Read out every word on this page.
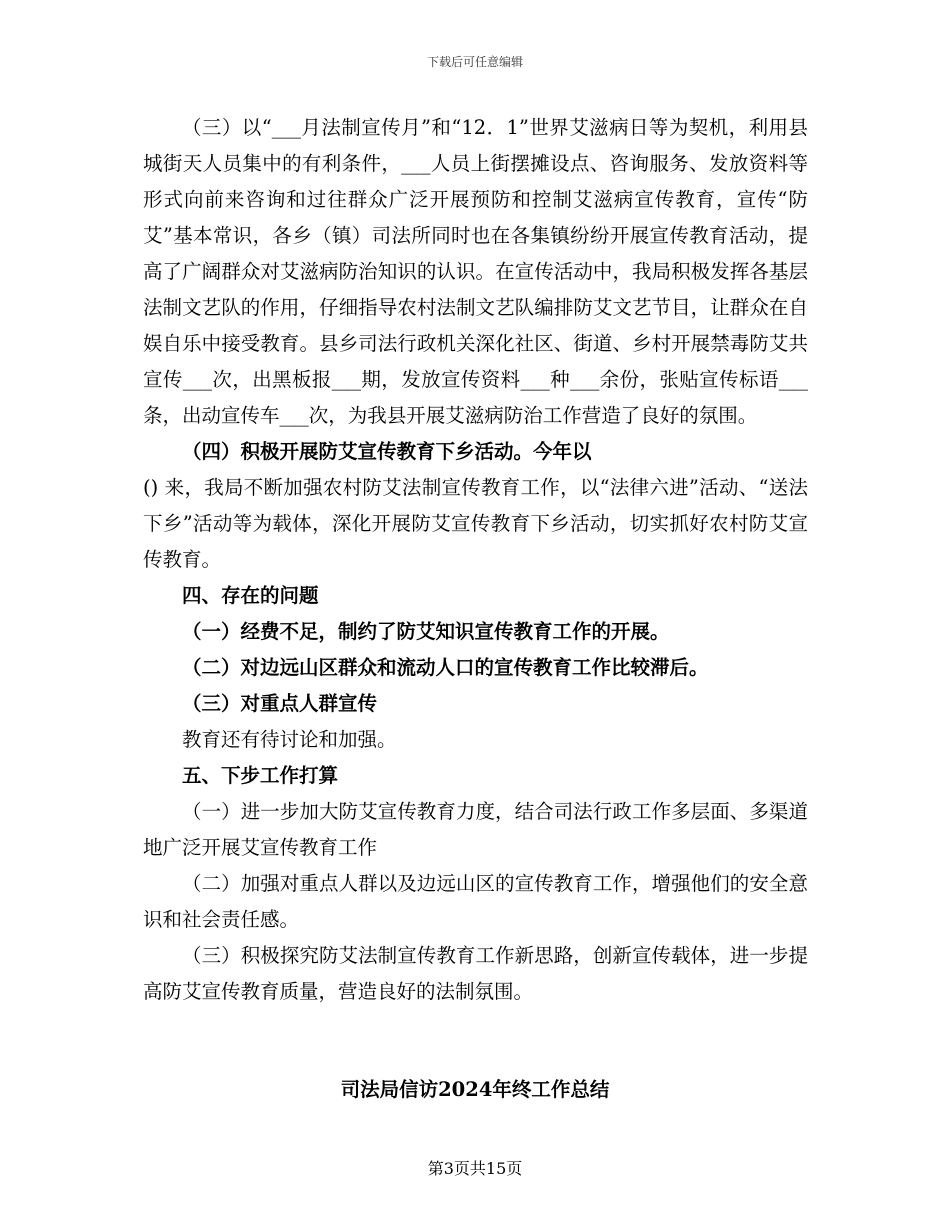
下载后可任意编辑

（三）以“___月法制宣传月”和“12．1”世界艾滋病日等为契机，利用县城街天人员集中的有利条件，___人员上街摆摊设点、咨询服务、发放资料等形式向前来咨询和过往群众广泛开展预防和控制艾滋病宣传教育，宣传“防艾”基本常识，各乡（镇）司法所同时也在各集镇纷纷开展宣传教育活动，提高了广阔群众对艾滋病防治知识的认识。在宣传活动中，我局积极发挥各基层法制文艺队的作用，仔细指导农村法制文艺队编排防艾文艺节目，让群众在自娱自乐中接受教育。县乡司法行政机关深化社区、街道、乡村开展禁毒防艾共宣传___次，出黑板报___期，发放宣传资料___种___余份，张贴宣传标语___条，出动宣传车___次，为我县开展艾滋病防治工作营造了良好的氛围。

（四）积极开展防艾宣传教育下乡活动。今年以

() 来，我局不断加强农村防艾法制宣传教育工作，以“法律六进”活动、“送法下乡”活动等为载体，深化开展防艾宣传教育下乡活动，切实抓好农村防艾宣传教育。

四、存在的问题

（一）经费不足，制约了防艾知识宣传教育工作的开展。

（二）对边远山区群众和流动人口的宣传教育工作比较滞后。

（三）对重点人群宣传

教育还有待讨论和加强。

五、下步工作打算

（一）进一步加大防艾宣传教育力度，结合司法行政工作多层面、多渠道地广泛开展艾宣传教育工作

（二）加强对重点人群以及边远山区的宣传教育工作，增强他们的安全意识和社会责任感。

（三）积极探究防艾法制宣传教育工作新思路，创新宣传载体，进一步提高防艾宣传教育质量，营造良好的法制氛围。

司法局信访2024年终工作总结
第3页共15页
